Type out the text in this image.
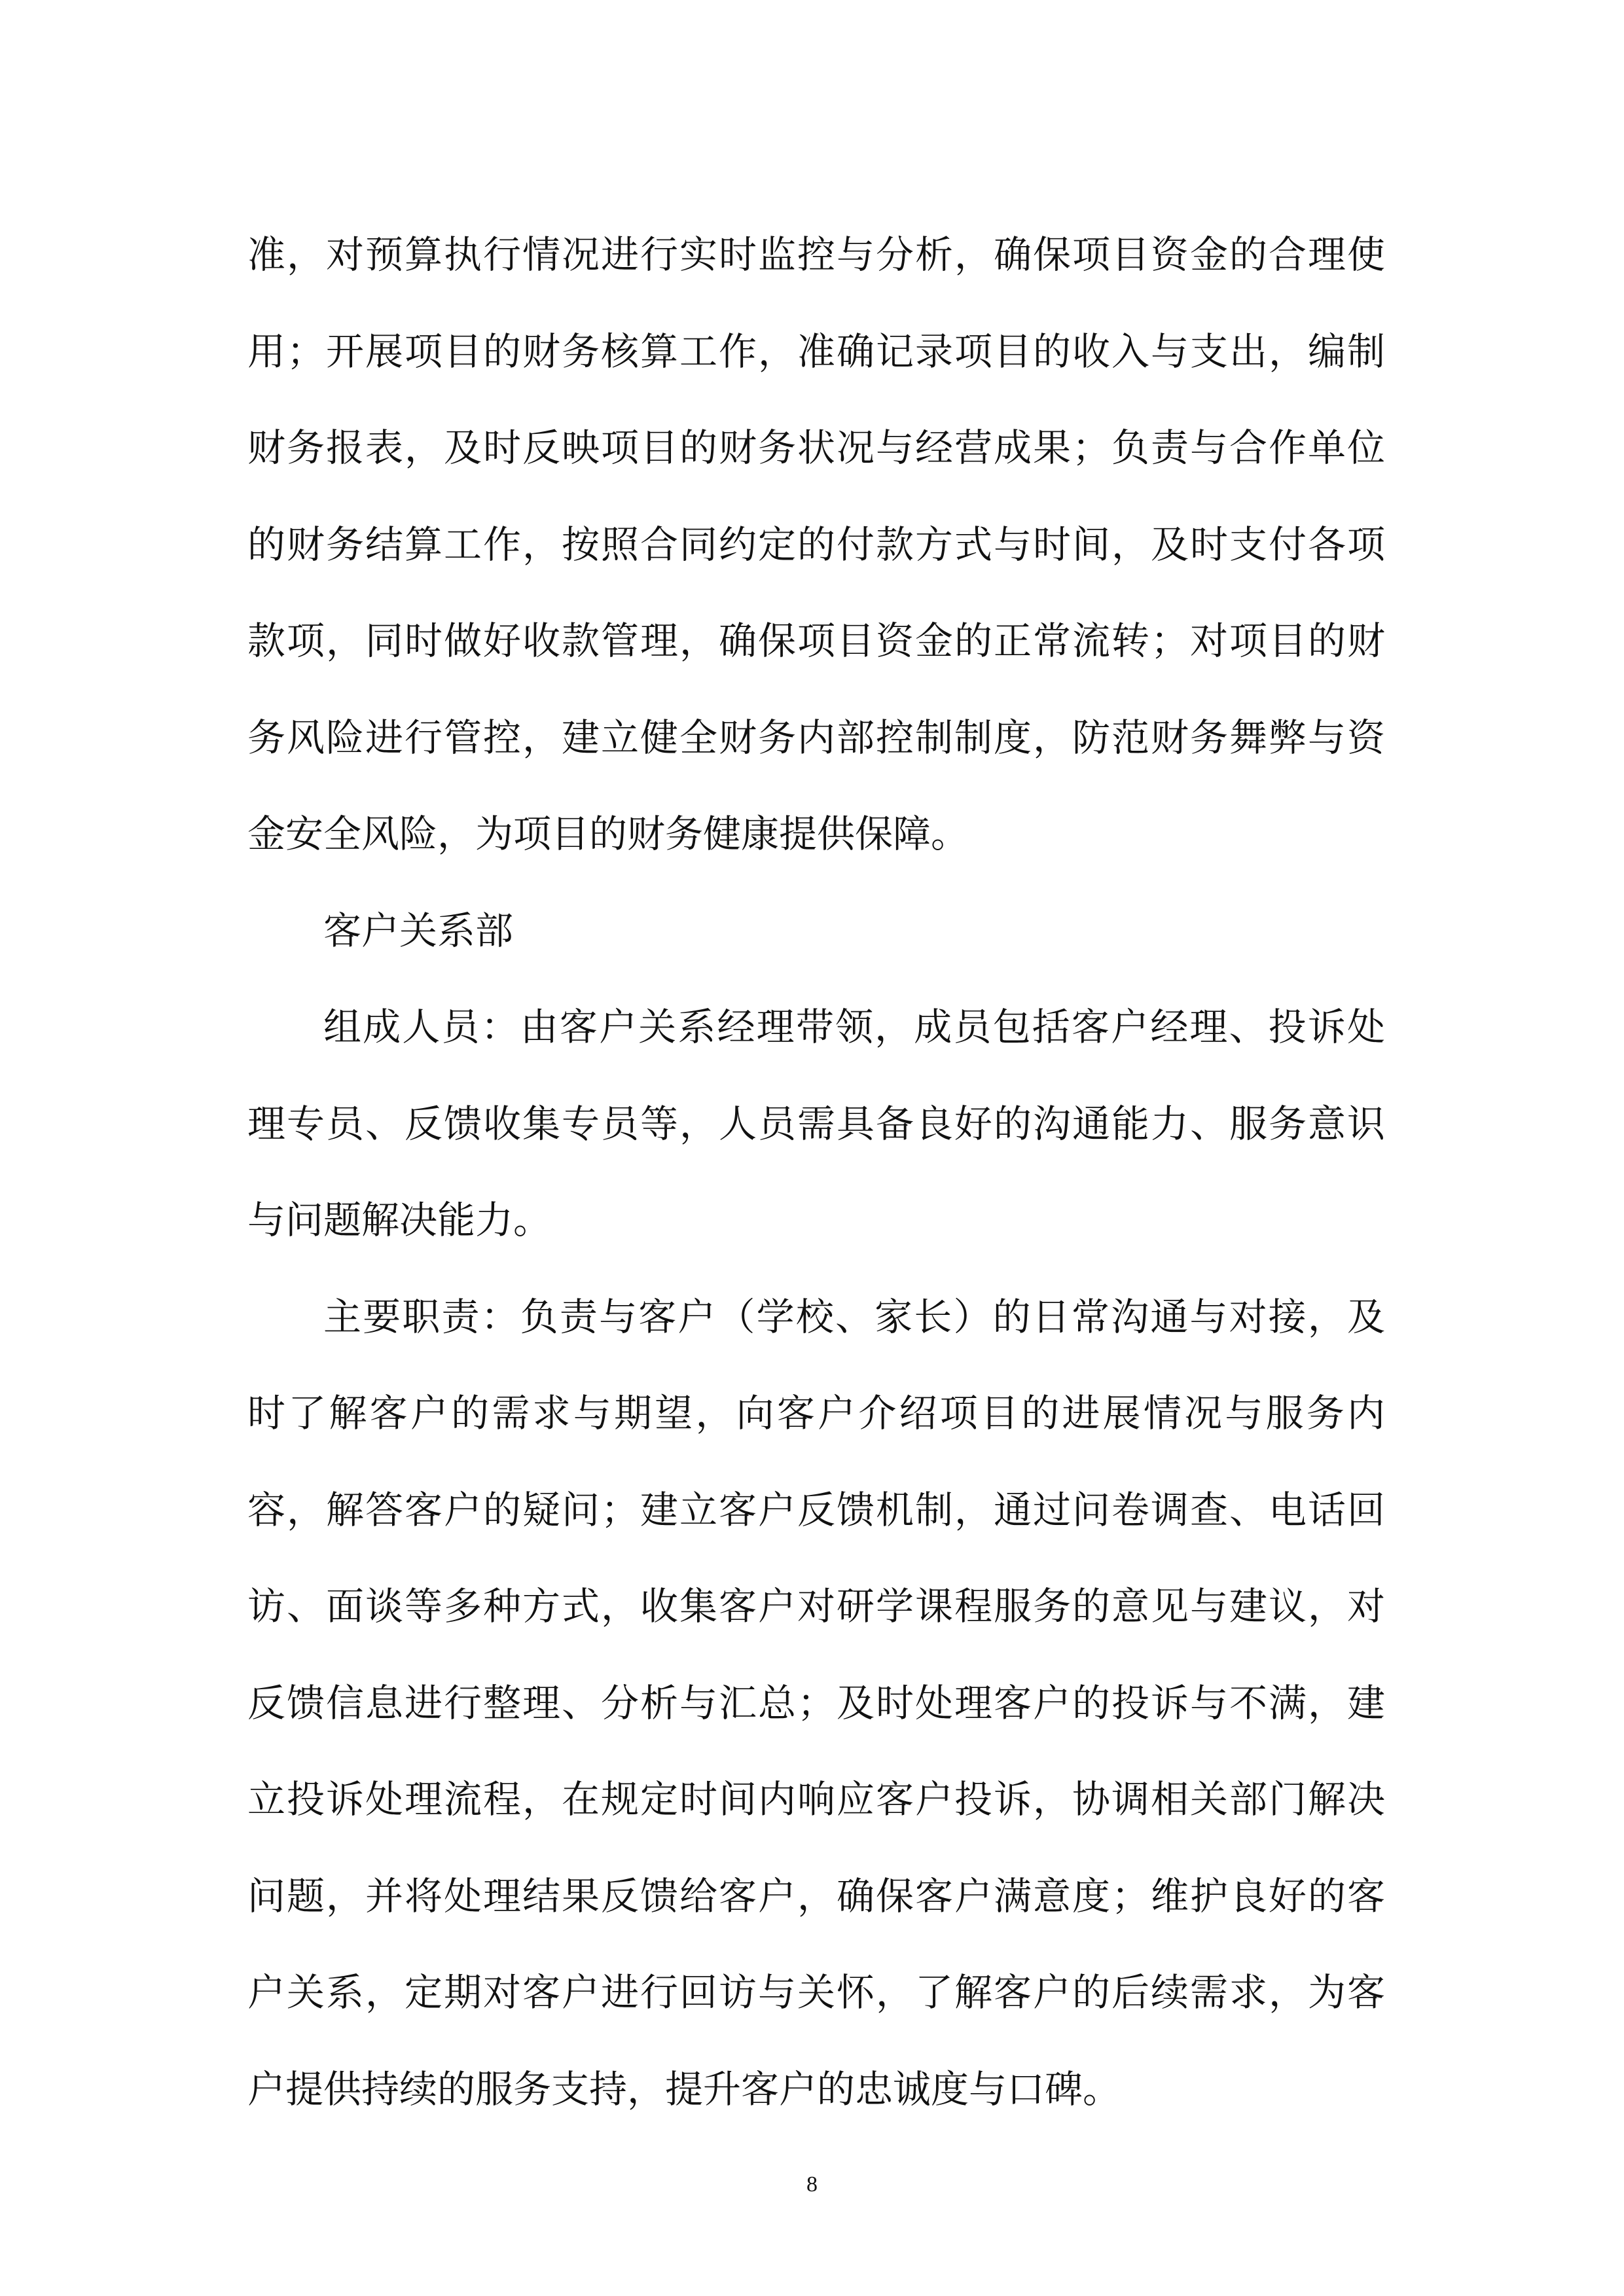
准，对预算执行情况进行实时监控与分析，确保项目资金的合理使
用；开展项目的财务核算工作，准确记录项目的收入与支出，编制
财务报表，及时反映项目的财务状况与经营成果；负责与合作单位
的财务结算工作，按照合同约定的付款方式与时间，及时支付各项
款项，同时做好收款管理，确保项目资金的正常流转；对项目的财
务风险进行管控，建立健全财务内部控制制度，防范财务舞弊与资
金安全风险，为项目的财务健康提供保障。
客户关系部
组成人员：由客户关系经理带领，成员包括客户经理、投诉处
理专员、反馈收集专员等，人员需具备良好的沟通能力、服务意识
与问题解决能力。
主要职责：负责与客户（学校、家长）的日常沟通与对接，及
时了解客户的需求与期望，向客户介绍项目的进展情况与服务内
容，解答客户的疑问；建立客户反馈机制，通过问卷调查、电话回
访、面谈等多种方式，收集客户对研学课程服务的意见与建议，对
反馈信息进行整理、分析与汇总；及时处理客户的投诉与不满，建
立投诉处理流程，在规定时间内响应客户投诉，协调相关部门解决
问题，并将处理结果反馈给客户，确保客户满意度；维护良好的客
户关系，定期对客户进行回访与关怀，了解客户的后续需求，为客
户提供持续的服务支持，提升客户的忠诚度与口碑。
8
